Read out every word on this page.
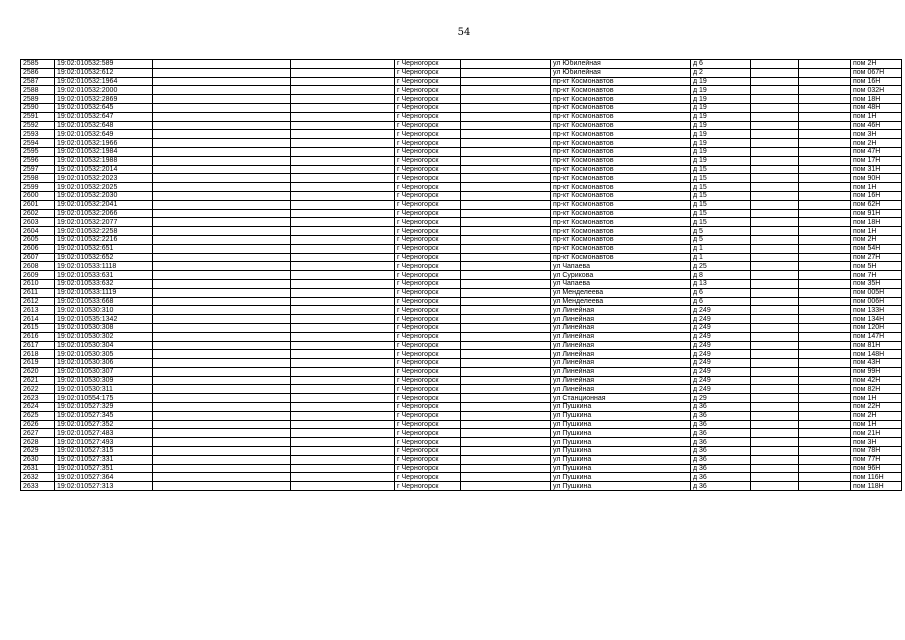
54
2585	19:02:010532:589			г Черногорск		ул Юбилейная	д 6			пом 2Н
2586	19:02:010532:612			г Черногорск		ул Юбилейная	д 2			пом 067Н
2587	19:02:010532:1964			г Черногорск		пр-кт Космонавтов	д 19			пом 16Н
2588	19:02:010532:2000			г Черногорск		пр-кт Космонавтов	д 19			пом 032Н
2589	19:02:010532:2869			г Черногорск		пр-кт Космонавтов	д 19			пом 18Н
2590	19:02:010532:645			г Черногорск		пр-кт Космонавтов	д 19			пом 48Н
2591	19:02:010532:647			г Черногорск		пр-кт Космонавтов	д 19			пом 1Н
2592	19:02:010532:648			г Черногорск		пр-кт Космонавтов	д 19			пом 46Н
2593	19:02:010532:649			г Черногорск		пр-кт Космонавтов	д 19			пом 3Н
2594	19:02:010532:1966			г Черногорск		пр-кт Космонавтов	д 19			пом 2Н
2595	19:02:010532:1984			г Черногорск		пр-кт Космонавтов	д 19			пом 47Н
2596	19:02:010532:1988			г Черногорск		пр-кт Космонавтов	д 19			пом 17Н
2597	19:02:010532:2014			г Черногорск		пр-кт Космонавтов	д 15			пом 31Н
2598	19:02:010532:2023			г Черногорск		пр-кт Космонавтов	д 15			пом 90Н
2599	19:02:010532:2025			г Черногорск		пр-кт Космонавтов	д 15			пом 1Н
2600	19:02:010532:2030			г Черногорск		пр-кт Космонавтов	д 15			пом 16Н
2601	19:02:010532:2041			г Черногорск		пр-кт Космонавтов	д 15			пом 62Н
2602	19:02:010532:2066			г Черногорск		пр-кт Космонавтов	д 15			пом 91Н
2603	19:02:010532:2077			г Черногорск		пр-кт Космонавтов	д 15			пом 18Н
2604	19:02:010532:2258			г Черногорск		пр-кт Космонавтов	д 5			пом 1Н
2605	19:02:010532:2216			г Черногорск		пр-кт Космонавтов	д 5			пом 2Н
2606	19:02:010532:651			г Черногорск		пр-кт Космонавтов	д 1			пом 54Н
2607	19:02:010532:652			г Черногорск		пр-кт Космонавтов	д 1			пом 27Н
2608	19:02:010533:1118			г Черногорск		ул Чапаева	д 25			пом 5Н
2609	19:02:010533:631			г Черногорск		ул Сурикова	д 8			пом 7Н
2610	19:02:010533:632			г Черногорск		ул Чапаева	д 13			пом 35Н
2611	19:02:010533:1119			г Черногорск		ул Менделеева	д 6			пом 005Н
2612	19:02:010533:668			г Черногорск		ул Менделеева	д 6			пом 006Н
2613	19:02:010530:310			г Черногорск		ул Линейная	д 249			пом 133Н
2614	19:02:010535:1342			г Черногорск		ул Линейная	д 249			пом 134Н
2615	19:02:010530:308			г Черногорск		ул Линейная	д 249			пом 120Н
2616	19:02:010530:302			г Черногорск		ул Линейная	д 249			пом 147Н
2617	19:02:010530:304			г Черногорск		ул Линейная	д 249			пом 81Н
2618	19:02:010530:305			г Черногорск		ул Линейная	д 249			пом 148Н
2619	19:02:010530:306			г Черногорск		ул Линейная	д 249			пом 43Н
2620	19:02:010530:307			г Черногорск		ул Линейная	д 249			пом 99Н
2621	19:02:010530:309			г Черногорск		ул Линейная	д 249			пом 42Н
2622	19:02:010530:311			г Черногорск		ул Линейная	д 249			пом 82Н
2623	19:02:010554:175			г Черногорск		ул Станционная	д 29			пом 1Н
2624	19:02:010527:329			г Черногорск		ул Пушкина	д 36			пом 22Н
2625	19:02:010527:345			г Черногорск		ул Пушкина	д 36			пом 2Н
2626	19:02:010527:352			г Черногорск		ул Пушкина	д 36			пом 1Н
2627	19:02:010527:483			г Черногорск		ул Пушкина	д 36			пом 21Н
2628	19:02:010527:493			г Черногорск		ул Пушкина	д 36			пом 3Н
2629	19:02:010527:315			г Черногорск		ул Пушкина	д 36			пом 78Н
2630	19:02:010527:331			г Черногорск		ул Пушкина	д 36			пом 77Н
2631	19:02:010527:351			г Черногорск		ул Пушкина	д 36			пом 96Н
2632	19:02:010527:364			г Черногорск		ул Пушкина	д 36			пом 116Н
2633	19:02:010527:313			г Черногорск		ул Пушкина	д 36			пом 118Н
